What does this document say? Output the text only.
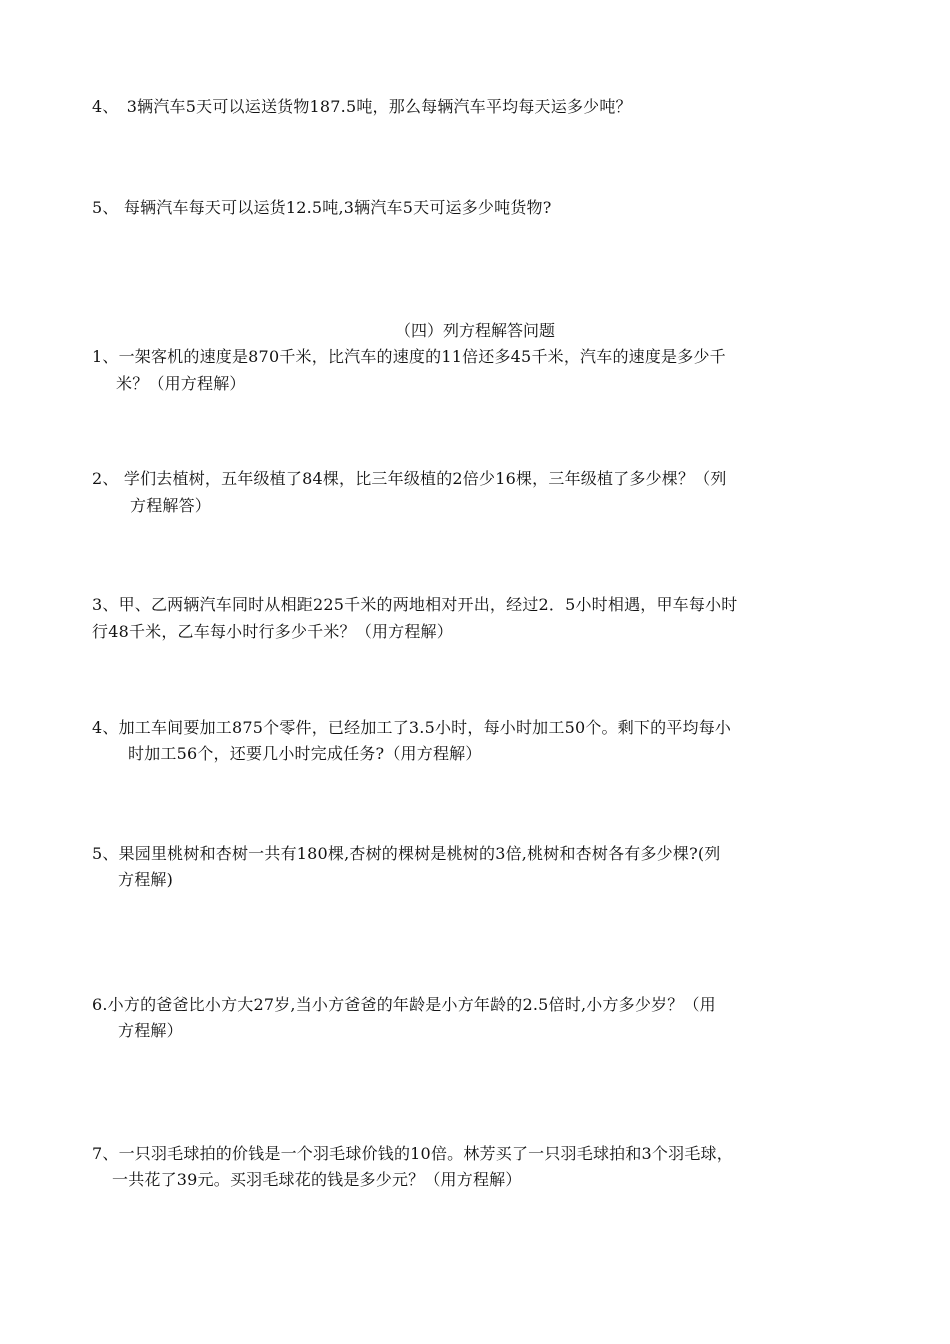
4、　3辆汽车5天可以运送货物187.5吨，那么每辆汽车平均每天运多少吨？
5、 每辆汽车每天可以运货12.5吨,3辆汽车5天可运多少吨货物?
（四）列方程解答问题
1、一架客机的速度是870千米，比汽车的速度的11倍还多45千米，汽车的速度是多少千
米？（用方程解）
2、 学们去植树，五年级植了84棵，比三年级植的2倍少16棵，三年级植了多少棵？（列
方程解答）
3、甲、乙两辆汽车同时从相距225千米的两地相对开出，经过2．5小时相遇，甲车每小时
行48千米，乙车每小时行多少千米？（用方程解）
4、加工车间要加工875个零件，已经加工了3.5小时，每小时加工50个。剩下的平均每小
时加工56个，还要几小时完成任务?（用方程解）
5、果园里桃树和杏树一共有180棵,杏树的棵树是桃树的3倍,桃树和杏树各有多少棵?(列
方程解)
6.小方的爸爸比小方大27岁,当小方爸爸的年龄是小方年龄的2.5倍时,小方多少岁？（用
方程解）
7、一只羽毛球拍的价钱是一个羽毛球价钱的10倍。林芳买了一只羽毛球拍和3个羽毛球，
一共花了39元。买羽毛球花的钱是多少元？（用方程解）
